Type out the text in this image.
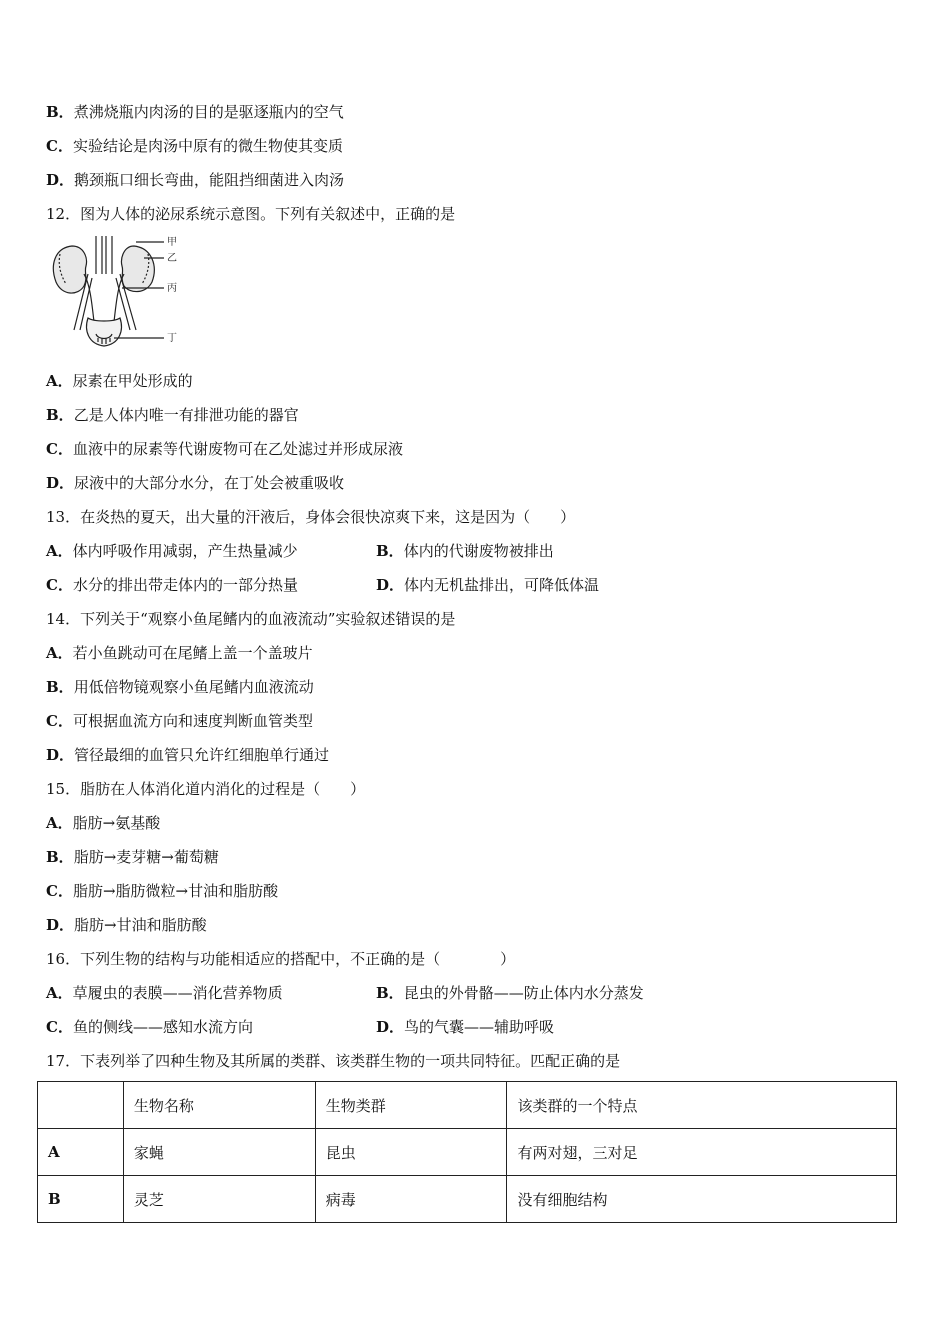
B．煮沸烧瓶内肉汤的目的是驱逐瓶内的空气
C．实验结论是肉汤中原有的微生物使其变质
D．鹅颈瓶口细长弯曲，能阻挡细菌进入肉汤
12．图为人体的泌尿系统示意图。下列有关叙述中，正确的是
甲
乙
丙
丁
A．尿素在甲处形成的
B．乙是人体内唯一有排泄功能的器官
C．血液中的尿素等代谢废物可在乙处滤过并形成尿液
D．尿液中的大部分水分，在丁处会被重吸收
13．在炎热的夏天，出大量的汗液后，身体会很快凉爽下来，这是因为（　　）
A．体内呼吸作用减弱，产生热量减少	B．体内的代谢废物被排出
C．水分的排出带走体内的一部分热量	D．体内无机盐排出，可降低体温
14．下列关于“观察小鱼尾鳍内的血液流动”实验叙述错误的是
A．若小鱼跳动可在尾鳍上盖一个盖玻片
B．用低倍物镜观察小鱼尾鳍内血液流动
C．可根据血流方向和速度判断血管类型
D．管径最细的血管只允许红细胞单行通过
15．脂肪在人体消化道内消化的过程是（　　）
A．脂肪→氨基酸
B．脂肪→麦芽糖→葡萄糖
C．脂肪→脂肪微粒→甘油和脂肪酸
D．脂肪→甘油和脂肪酸
16．下列生物的结构与功能相适应的搭配中，不正确的是（　　　　）
A．草履虫的表膜——消化营养物质	B．昆虫的外骨骼——防止体内水分蒸发
C．鱼的侧线——感知水流方向	D．鸟的气囊——辅助呼吸
17．下表列举了四种生物及其所属的类群、该类群生物的一项共同特征。匹配正确的是
	生物名称	生物类群	该类群的一个特点
A	家蝇	昆虫	有两对翅，三对足
B	灵芝	病毒	没有细胞结构
